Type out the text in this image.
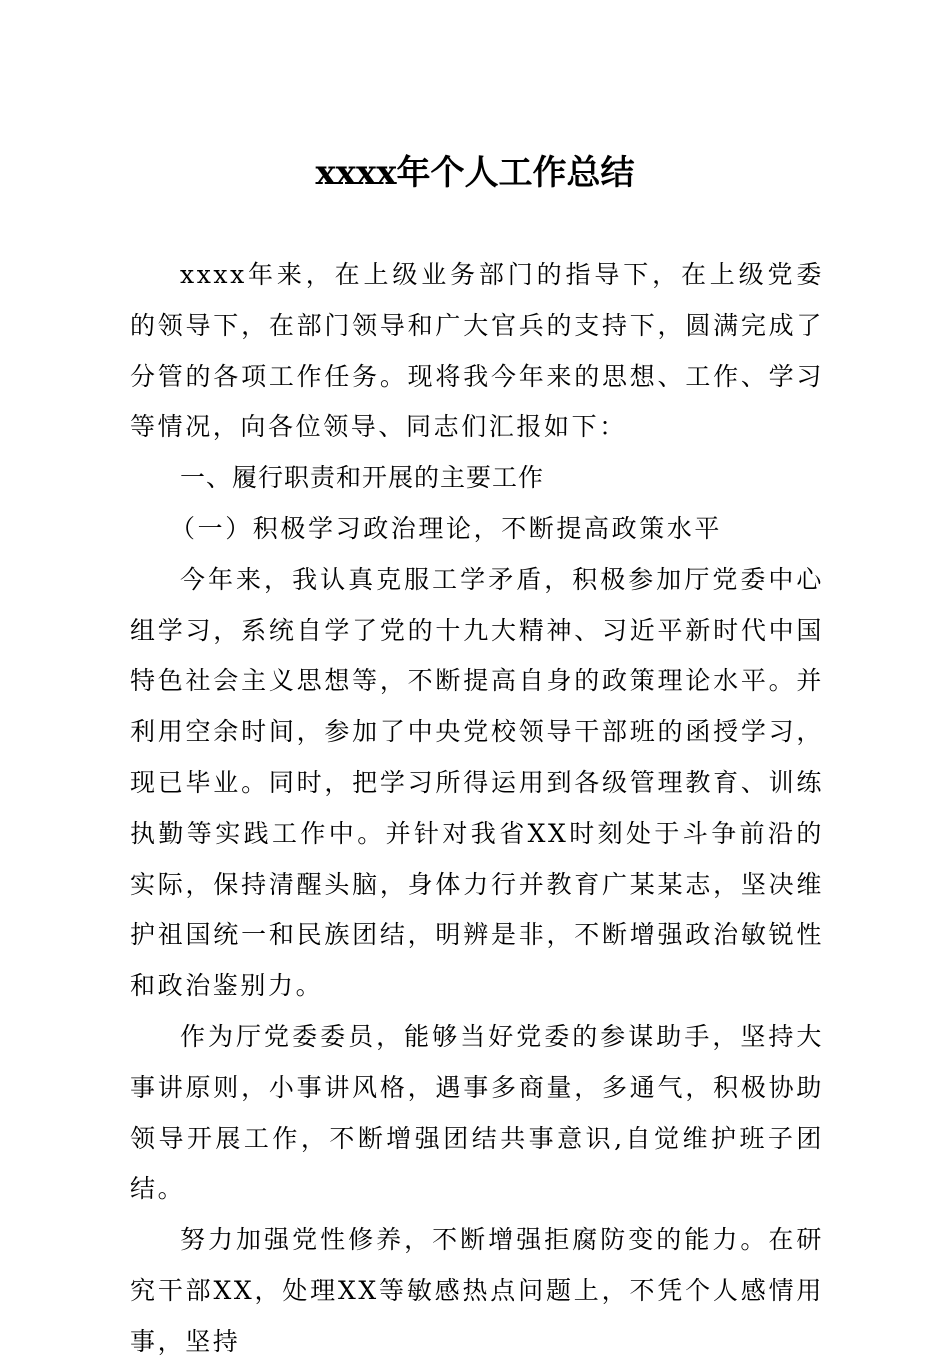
xxxx年个人工作总结

xxxx年来，在上级业务部门的指导下，在上级党委的领导下，在部门领导和广大官兵的支持下，圆满完成了分管的各项工作任务。现将我今年来的思想、工作、学习等情况，向各位领导、同志们汇报如下：

一、履行职责和开展的主要工作
（一）积极学习政治理论，不断提高政策水平

今年来，我认真克服工学矛盾，积极参加厅党委中心组学习，系统自学了党的十九大精神、习近平新时代中国特色社会主义思想等，不断提高自身的政策理论水平。并利用空余时间，参加了中央党校领导干部班的函授学习，现已毕业。同时，把学习所得运用到各级管理教育、训练执勤等实践工作中。并针对我省XX时刻处于斗争前沿的实际，保持清醒头脑，身体力行并教育广某某志，坚决维护祖国统一和民族团结，明辨是非，不断增强政治敏锐性和政治鉴别力。

作为厅党委委员，能够当好党委的参谋助手，坚持大事讲原则，小事讲风格，遇事多商量，多通气，积极协助领导开展工作，不断增强团结共事意识,自觉维护班子团结。

努力加强党性修养，不断增强拒腐防变的能力。在研究干部XX，处理XX等敏感热点问题上，不凭个人感情用事，坚持
